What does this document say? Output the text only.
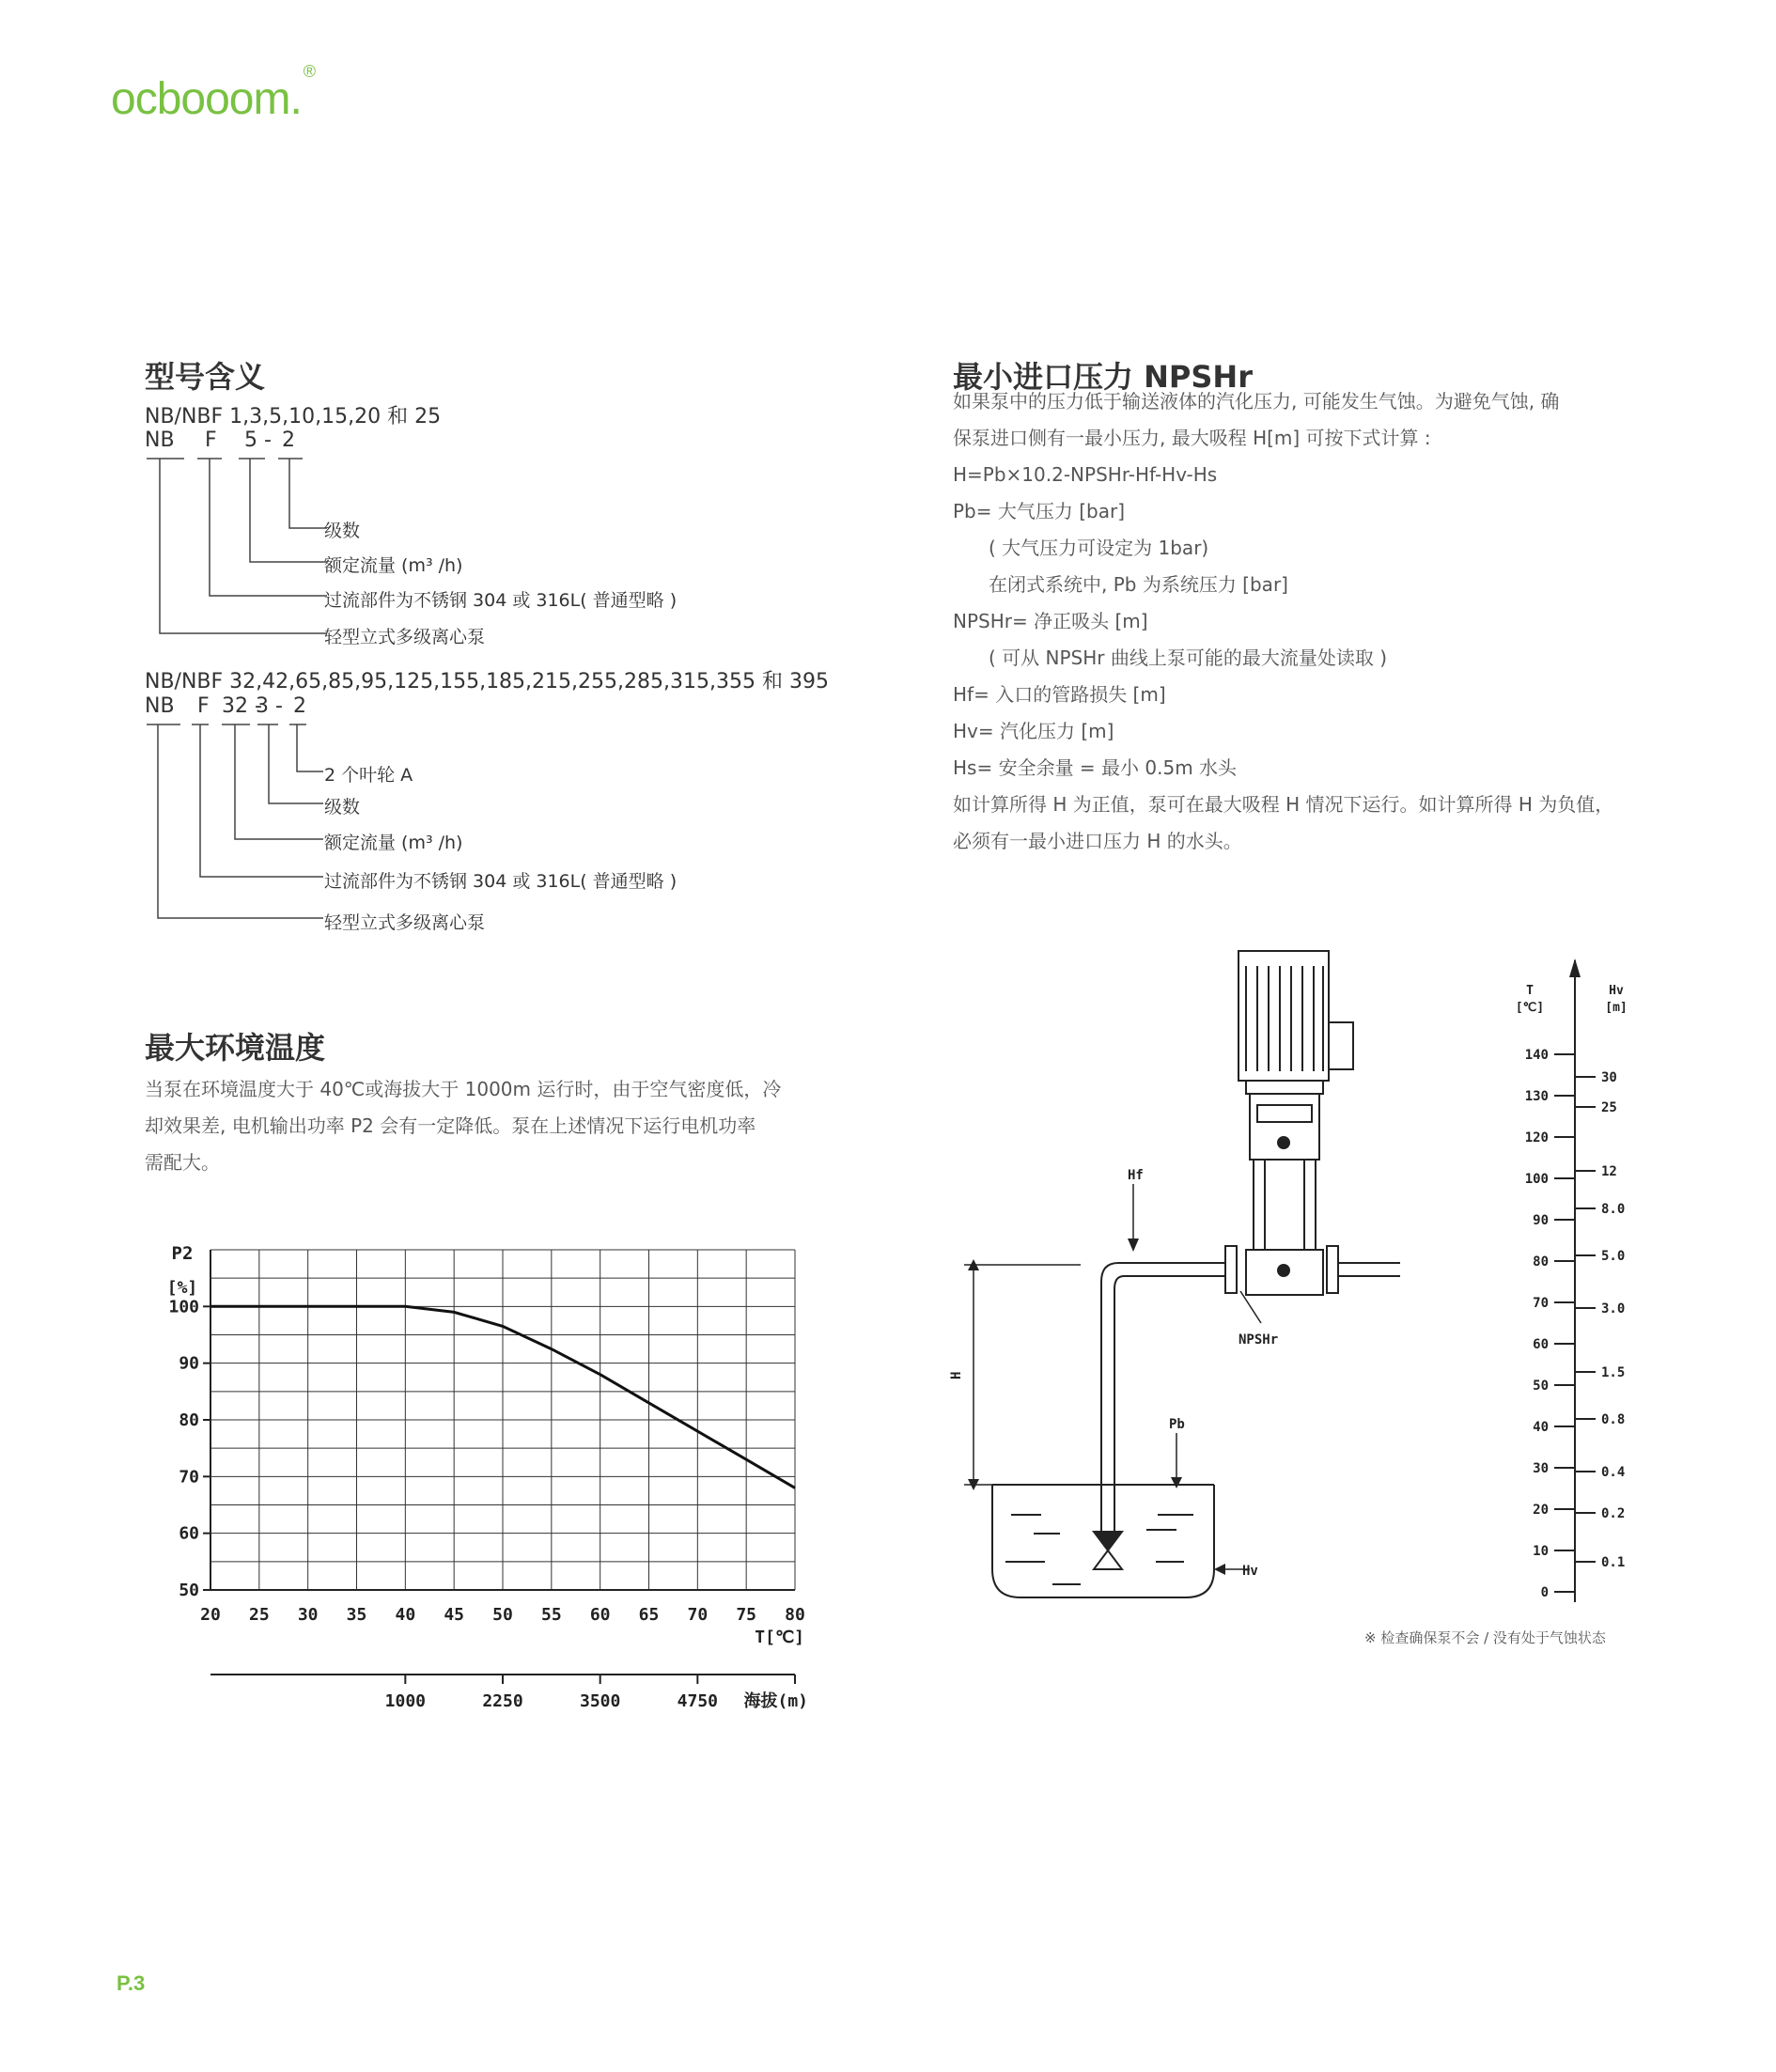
ocbooom.®
型号含义
NB/NBF 1,3,5,10,15,20 和 25
NB F 5 - 2
级数
额定流量 (m³ /h)
过流部件为不锈钢 304 或 316L( 普通型略 )
轻型立式多级离心泵
NB/NBF 32,42,65,85,95,125,155,185,215,255,285,315,355 和 395
NB F 32 -
3 - 2
2 个叶轮 A
级数
额定流量 (m³ /h)
过流部件为不锈钢 304 或 316L( 普通型略 )
轻型立式多级离心泵
最大环境温度
当泵在环境温度大于 40℃或海拔大于 1000m 运行时，由于空气密度低，冷
却效果差, 电机输出功率 P2 会有一定降低。泵在上述情况下运行电机功率
需配大。
50
60
70
80
90
100
P2
[%]
20 25 30 35 40 45 50 55 60 65 70 75 80
T[℃]
1000	2250	3500	4750 海拔(m)
最小进口压力 NPSHr
如果泵中的压力低于输送液体的汽化压力, 可能发生气蚀。为避免气蚀, 确
保泵进口侧有一最小压力, 最大吸程 H[m] 可按下式计算 :
H=Pb×10.2-NPSHr-Hf-Hv-Hs
Pb= 大气压力 [bar]
( 大气压力可设定为 1bar)
在闭式系统中, Pb 为系统压力 [bar]
NPSHr= 净正吸头 [m]
( 可从 NPSHr 曲线上泵可能的最大流量处读取 )
Hf= 入口的管路损失 [m]
Hv= 汽化压力 [m]
Hs= 安全余量 = 最小 0.5m 水头
如计算所得 H 为正值，泵可在最大吸程 H 情况下运行。如计算所得 H 为负值，
必须有一最小进口压力 H 的水头。
Hf
NPSHr
H
Pb
Hv
T
[℃]
Hv
[m]
140
130
120
100
90
80
70
60
50
40
30
20
10
0
30
25
12
8.0
5.0
3.0
1.5
0.8
0.4
0.2
0.1
※ 检查确保泵不会 / 没有处于气蚀状态
P.3
